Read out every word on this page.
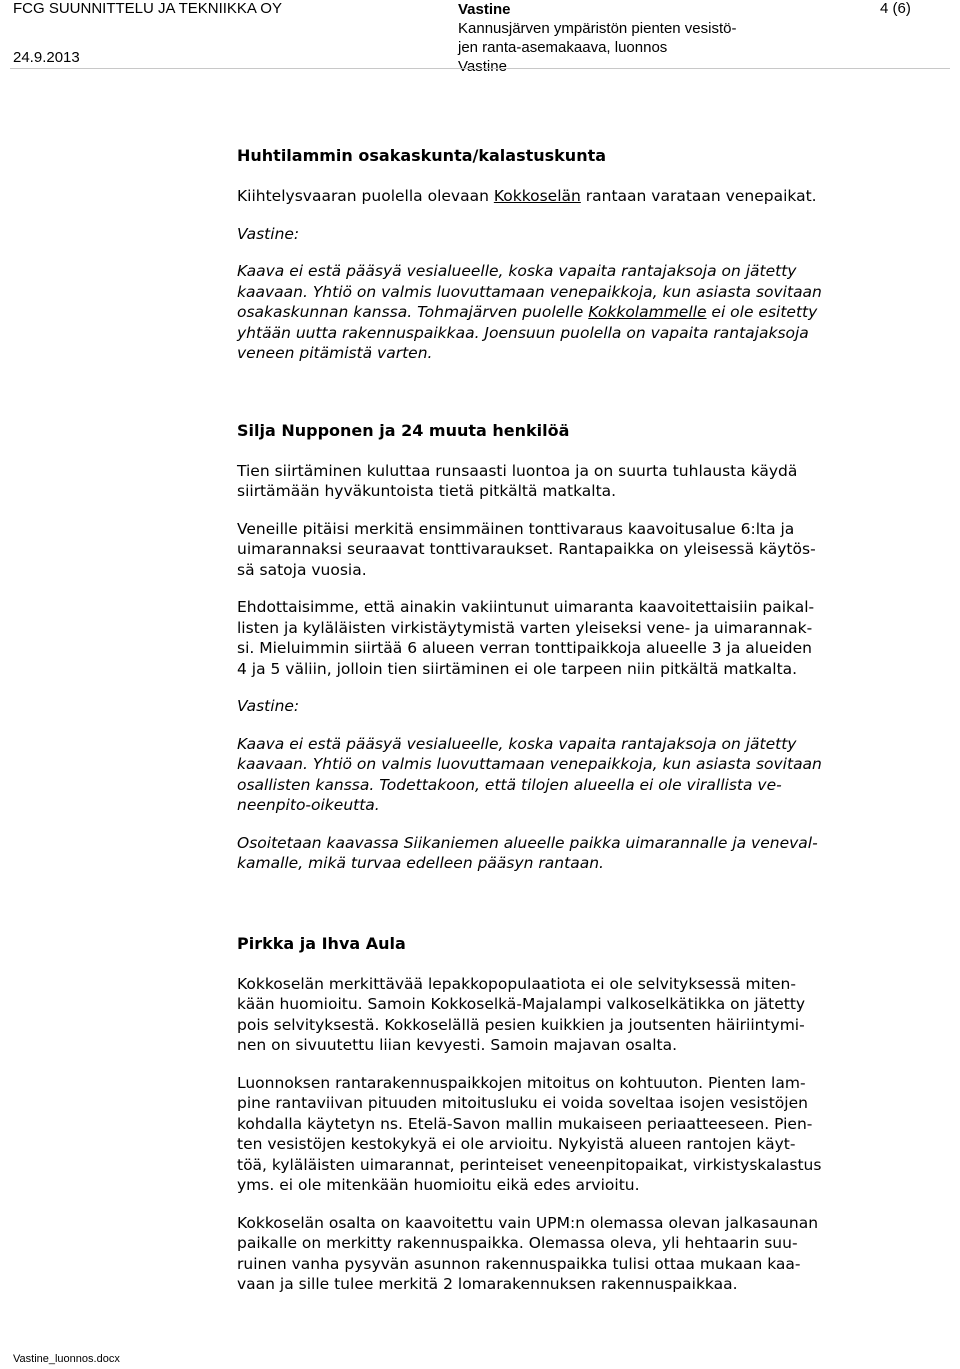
FCG SUUNNITTELU JA TEKNIIKKA OY
24.9.2013
Vastine
Kannusjärven ympäristön pienten vesistö-
jen ranta-asemakaava, luonnos
Vastine
4 (6)
Huhtilammin osakaskunta/kalastuskunta

Kiihtelysvaaran puolella olevaan Kokkoselän rantaan varataan venepaikat.

Vastine:

Kaava ei estä pääsyä vesialueelle, koska vapaita rantajaksoja on jätetty
kaavaan. Yhtiö on valmis luovuttamaan venepaikkoja, kun asiasta sovitaan
osakaskunnan kanssa. Tohmajärven puolelle Kokkolammelle ei ole esitetty
yhtään uutta rakennuspaikkaa. Joensuun puolella on vapaita rantajaksoja
veneen pitämistä varten.

Silja Nupponen ja 24 muuta henkilöä

Tien siirtäminen kuluttaa runsaasti luontoa ja on suurta tuhlausta käydä
siirtämään hyväkuntoista tietä pitkältä matkalta.

Veneille pitäisi merkitä ensimmäinen tonttivaraus kaavoitusalue 6:lta ja
uimarannaksi seuraavat tonttivaraukset. Rantapaikka on yleisessä käytös-
sä satoja vuosia.

Ehdottaisimme, että ainakin vakiintunut uimaranta kaavoitettaisiin paikal-
listen ja kyläläisten virkistäytymistä varten yleiseksi vene- ja uimarannak-
si. Mieluimmin siirtää 6 alueen verran tonttipaikkoja alueelle 3 ja alueiden
4 ja 5 väliin, jolloin tien siirtäminen ei ole tarpeen niin pitkältä matkalta.

Vastine:

Kaava ei estä pääsyä vesialueelle, koska vapaita rantajaksoja on jätetty
kaavaan. Yhtiö on valmis luovuttamaan venepaikkoja, kun asiasta sovitaan
osallisten kanssa. Todettakoon, että tilojen alueella ei ole virallista ve-
neenpito-oikeutta.

Osoitetaan kaavassa Siikaniemen alueelle paikka uimarannalle ja veneval-
kamalle, mikä turvaa edelleen pääsyn rantaan.

Pirkka ja Ihva Aula

Kokkoselän merkittävää lepakkopopulaatiota ei ole selvityksessä miten-
kään huomioitu. Samoin Kokkoselkä-Majalampi valkoselkätikka on jätetty
pois selvityksestä. Kokkoselällä pesien kuikkien ja joutsenten häiriintymi-
nen on sivuutettu liian kevyesti. Samoin majavan osalta.

Luonnoksen rantarakennuspaikkojen mitoitus on kohtuuton. Pienten lam-
pine rantaviivan pituuden mitoitusluku ei voida soveltaa isojen vesistöjen
kohdalla käytetyn ns. Etelä-Savon mallin mukaiseen periaatteeseen. Pien-
ten vesistöjen kestokykyä ei ole arvioitu. Nykyistä alueen rantojen käyt-
töä, kyläläisten uimarannat, perinteiset veneenpitopaikat, virkistyskalastus
yms. ei ole mitenkään huomioitu eikä edes arvioitu.

Kokkoselän osalta on kaavoitettu vain UPM:n olemassa olevan jalkasaunan
paikalle on merkitty rakennuspaikka. Olemassa oleva, yli hehtaarin suu-
ruinen vanha pysyvän asunnon rakennuspaikka tulisi ottaa mukaan kaa-
vaan ja sille tulee merkitä 2 lomarakennuksen rakennuspaikkaa.

Vastine_luonnos.docx
